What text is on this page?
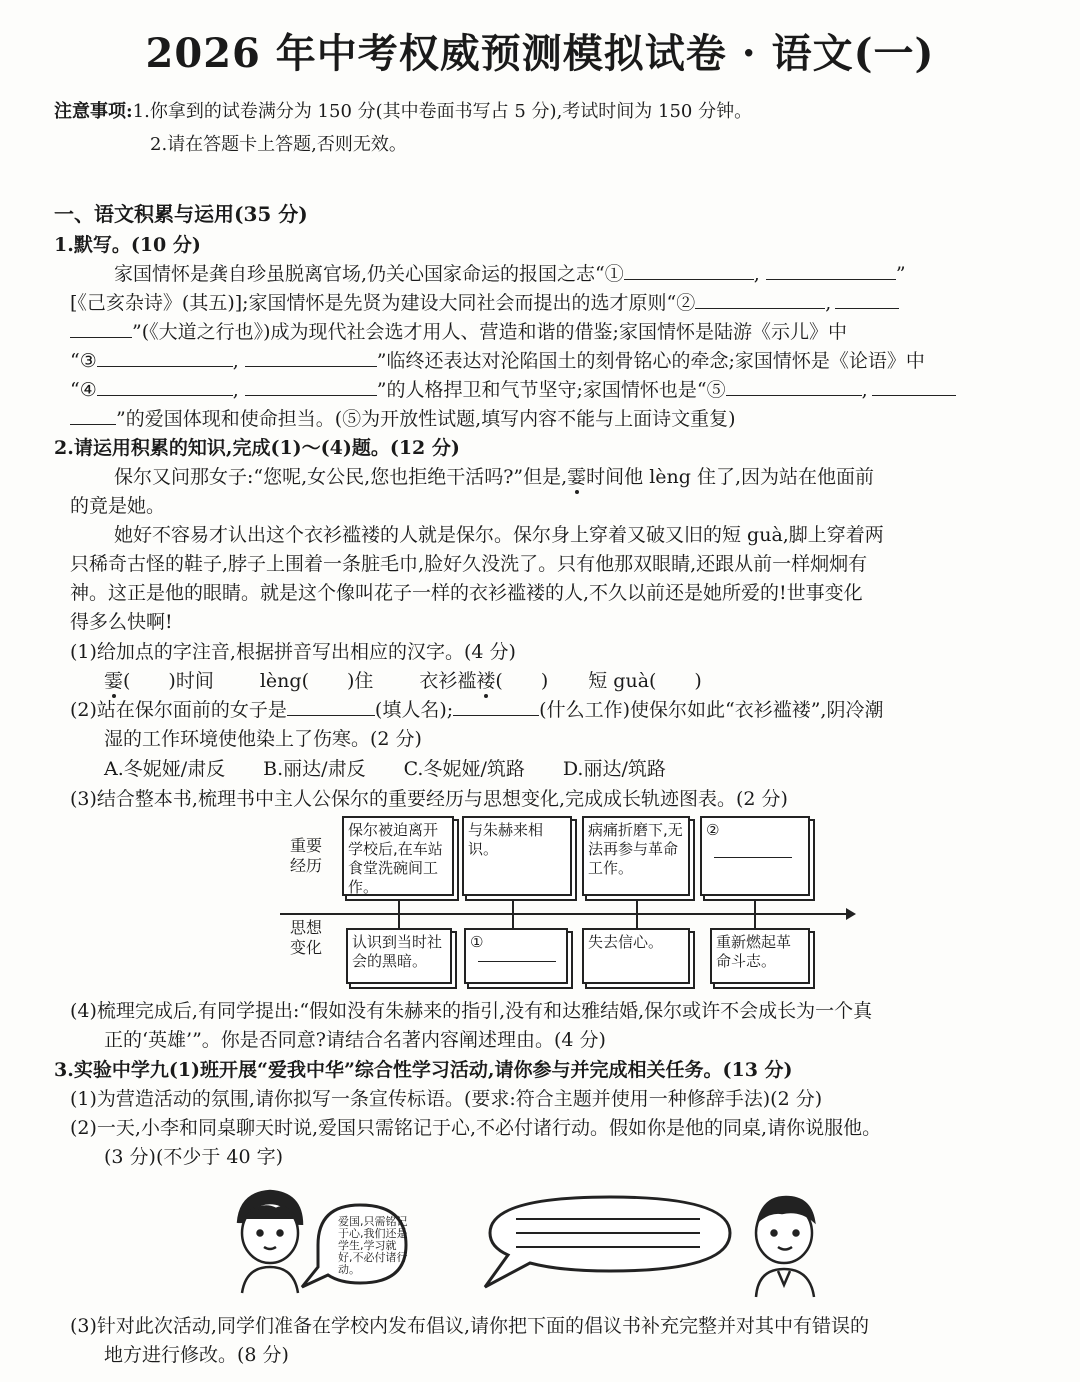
2026 年中考权威预测模拟试卷 · 语文(一)
注意事项:1.你拿到的试卷满分为 150 分(其中卷面书写占 5 分),考试时间为 150 分钟。
2.请在答题卡上答题,否则无效。
一、语文积累与运用(35 分)
1.默写。(10 分)
家国情怀是龚自珍虽脱离官场,仍关心国家命运的报国之志“①	,	”
[《己亥杂诗》(其五)];家国情怀是先贤为建设大同社会而提出的选才原则“②	,
”(《大道之行也》)成为现代社会选才用人、营造和谐的借鉴;家国情怀是陆游《示儿》中
“③	,	”临终还表达对沦陷国土的刻骨铭心的牵念;家国情怀是《论语》中
“④	,	”的人格捍卫和气节坚守;家国情怀也是“⑤	,
”的爱国体现和使命担当。(⑤为开放性试题,填写内容不能与上面诗文重复)
2.请运用积累的知识,完成(1)～(4)题。(12 分)
保尔又问那女子:“您呢,女公民,您也拒绝干活吗?”但是,霎时间他 lèng 住了,因为站在他面前
的竟是她。
她好不容易才认出这个衣衫褴褛的人就是保尔。保尔身上穿着又破又旧的短 guà,脚上穿着两
只稀奇古怪的鞋子,脖子上围着一条脏毛巾,脸好久没洗了。只有他那双眼睛,还跟从前一样炯炯有
神。这正是他的眼睛。就是这个像叫花子一样的衣衫褴褛的人,不久以前还是她所爱的!世事变化
得多么快啊!
(1)给加点的字注音,根据拼音写出相应的汉字。(4 分)
霎(　　)时间 lèng(　　)住 衣衫褴褛(　　) 短 guà(　　)
(2)站在保尔面前的女子是	(填人名);	(什么工作)使保尔如此“衣衫褴褛”,阴冷潮
湿的工作环境使他染上了伤寒。(2 分)
A.冬妮娅/肃反　　B.丽达/肃反　　C.冬妮娅/筑路　　D.丽达/筑路
(3)结合整本书,梳理书中主人公保尔的重要经历与思想变化,完成成长轨迹图表。(2 分)
重要经历
思想变化
保尔被迫离开学校后,在车站食堂洗碗间工作。
与朱赫来相识。
病痛折磨下,无法再参与革命工作。
②
认识到当时社会的黑暗。
①	失去信心。	重新燃起革命斗志。
(4)梳理完成后,有同学提出:“假如没有朱赫来的指引,没有和达雅结婚,保尔或许不会成长为一个真
正的‘英雄’”。你是否同意?请结合名著内容阐述理由。(4 分)
3.实验中学九(1)班开展“爱我中华”综合性学习活动,请你参与并完成相关任务。(13 分)
(1)为营造活动的氛围,请你拟写一条宣传标语。(要求:符合主题并使用一种修辞手法)(2 分)
(2)一天,小李和同桌聊天时说,爱国只需铭记于心,不必付诸行动。假如你是他的同桌,请你说服他。
(3 分)(不少于 40 字)
爱国,只需铭记于心,我们还是学生,学习就好,不必付诸行动。
(3)针对此次活动,同学们准备在学校内发布倡议,请你把下面的倡议书补充完整并对其中有错误的
地方进行修改。(8 分)
